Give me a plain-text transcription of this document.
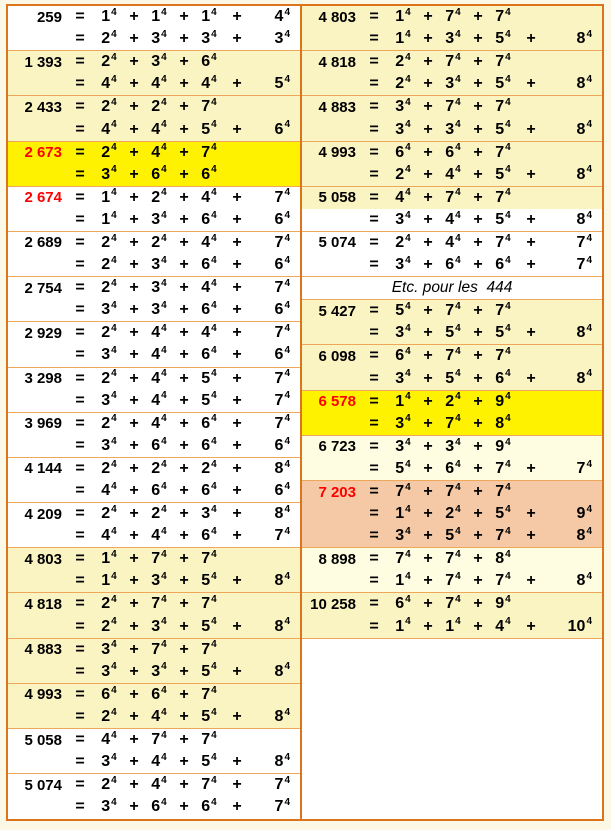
259 =	$1^4 + 1^4 + 1^4$ +	$4^4$
=	$2^4 + 3^4 + 3^4$ +	$3^4$
1 393 =	$2^4 + 3^4 + 6^4$
=	$4^4 + 4^4 + 4^4$ +	$5^4$
2 433 =	$2^4 + 2^4 + 7^4$
=	$4^4 + 4^4 + 5^4$ +	$6^4$
2 673 =	$2^4 + 4^4 + 7^4$
=	$3^4 + 6^4 + 6^4$
2 674 =	$1^4 + 2^4 + 4^4$ +	$7^4$
=	$1^4 + 3^4 + 6^4$ +	$6^4$
2 689 =	$2^4 + 2^4 + 4^4$ +	$7^4$
=	$2^4 + 3^4 + 6^4$ +	$6^4$
2 754 =	$2^4 + 3^4 + 4^4$ +	$7^4$
=	$3^4 + 3^4 + 6^4$ +	$6^4$
2 929 =	$2^4 + 4^4 + 4^4$ +	$7^4$
=	$3^4 + 4^4 + 6^4$ +	$6^4$
3 298 =	$2^4 + 4^4 + 5^4$ +	$7^4$
=	$3^4 + 4^4 + 5^4$ +	$7^4$
3 969 =	$2^4 + 4^4 + 6^4$ +	$7^4$
=	$3^4 + 6^4 + 6^4$ +	$6^4$
4 144 =	$2^4 + 2^4 + 2^4$ +	$8^4$
=	$4^4 + 6^4 + 6^4$ +	$6^4$
4 209 =	$2^4 + 2^4 + 3^4$ +	$8^4$
=	$4^4 + 4^4 + 6^4$ +	$7^4$
4 803 =	$1^4 + 7^4 + 7^4$
=	$1^4 + 3^4 + 5^4$ +	$8^4$
4 818 =	$2^4 + 7^4 + 7^4$
=	$2^4 + 3^4 + 5^4$ +	$8^4$
4 883 =	$3^4 + 7^4 + 7^4$
=	$3^4 + 3^4 + 5^4$ +	$8^4$
4 993 =	$6^4 + 6^4 + 7^4$
=	$2^4 + 4^4 + 5^4$ +	$8^4$
5 058 =	$4^4 + 7^4 + 7^4$
=	$3^4 + 4^4 + 5^4$ +	$8^4$
5 074 =	$2^4 + 4^4 + 7^4$ +	$7^4$
=	$3^4 + 6^4 + 6^4$ +	$7^4$
4 803 =	$1^4 + 7^4 + 7^4$
=	$1^4 + 3^4 + 5^4$ +	$8^4$
4 818 =	$2^4 + 7^4 + 7^4$
=	$2^4 + 3^4 + 5^4$ +	$8^4$
4 883 =	$3^4 + 7^4 + 7^4$
=	$3^4 + 3^4 + 5^4$ +	$8^4$
4 993 =	$6^4 + 6^4 + 7^4$
=	$2^4 + 4^4 + 5^4$ +	$8^4$
5 058 =	$4^4 + 7^4 + 7^4$
=	$3^4 + 4^4 + 5^4$ +	$8^4$
5 074 =	$2^4 + 4^4 + 7^4$ +	$7^4$
=	$3^4 + 6^4 + 6^4$ +	$7^4$
Etc. pour les  444
5 427 =	$5^4 + 7^4 + 7^4$
=	$3^4 + 5^4 + 5^4$ +	$8^4$
6 098 =	$6^4 + 7^4 + 7^4$
=	$3^4 + 5^4 + 6^4$ +	$8^4$
6 578 =	$1^4 + 2^4 + 9^4$
=	$3^4 + 7^4 + 8^4$
6 723 =	$3^4 + 3^4 + 9^4$
=	$5^4 + 6^4 + 7^4$ +	$7^4$
7 203 =	$7^4 + 7^4 + 7^4$
=	$1^4 + 2^4 + 5^4$ +	$9^4$
=	$3^4 + 5^4 + 7^4$ +	$8^4$
8 898 =	$7^4 + 7^4 + 8^4$
=	$1^4 + 7^4 + 7^4$ +	$8^4$
10 258 =	$6^4 + 7^4 + 9^4$
=	$1^4 + 1^4 + 4^4$ +	$10^4$
